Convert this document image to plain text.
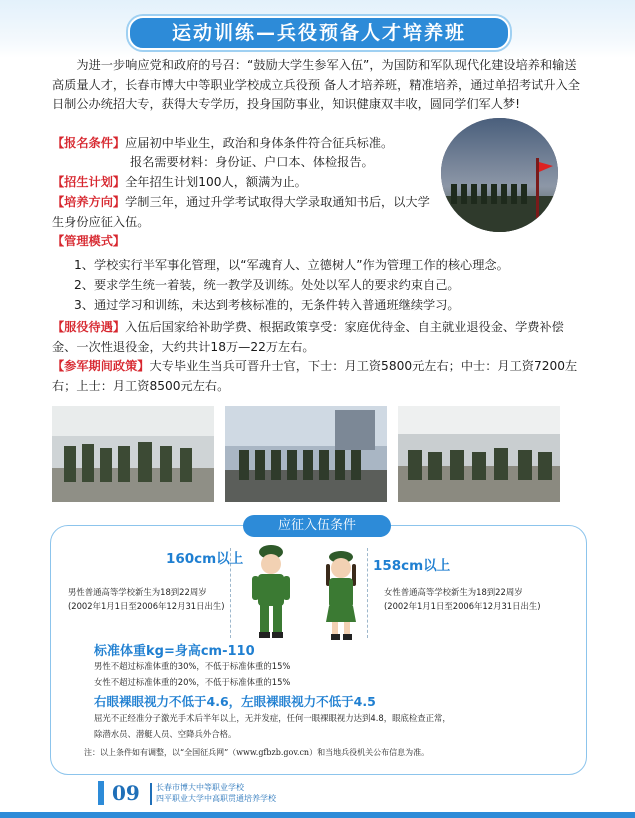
运动训练—兵役预备人才培养班
为进一步响应党和政府的号召：“鼓励大学生参军入伍”，为国防和军队现代化建设培养和输送高质量人才，长春市博大中等职业学校成立兵役预 备人才培养班，精准培养，通过单招考试升入全日制公办统招大专，获得大专学历，投身国防事业，知识健康双丰收，圆同学们军人梦!
【报名条件】应届初中毕业生，政治和身体条件符合征兵标准。
报名需要材料：身份证、户口本、体检报告。
【招生计划】全年招生计划100人，额满为止。
【培养方向】学制三年，通过升学考试取得大学录取通知书后，以大学生身份应征入伍。
【管理模式】
1、学校实行半军事化管理，以“军魂育人、立德树人”作为管理工作的核心理念。
2、要求学生统一着装，统一教学及训练。处处以军人的要求约束自己。
3、通过学习和训练，未达到考核标准的，无条件转入普通班继续学习。
【服役待遇】入伍后国家给补助学费、根据政策享受：家庭优待金、自主就业退役金、学费补偿金、一次性退役金，大约共计18万—22万左右。
【参军期间政策】大专毕业生当兵可晋升士官，下士：月工资5800元左右；中士：月工资7200左右；上士：月工资8500元左右。
应征入伍条件
160cm以上	158cm以上
男性普通高等学校新生为18到22周岁
(2002年1月1日至2006年12月31日出生)
女性普通高等学校新生为18到22周岁
(2002年1月1日至2006年12月31日出生)
标准体重kg=身高cm-110
男性不超过标准体重的30%，不低于标准体重的15%
女性不超过标准体重的20%，不低于标准体重的15%
右眼裸眼视力不低于4.6，左眼裸眼视力不低于4.5
屈光不正经准分子激光手术后半年以上，无并发症，任何一眼裸眼视力达到4.8，眼底检查正常，
除潜水员、潜艇人员、空降兵外合格。
注：以上条件如有调整，以“全国征兵网”（www.gfbzb.gov.cn）和当地兵役机关公布信息为准。
09 长春市博大中等职业学校
四平职业大学中高职贯通培养学校
